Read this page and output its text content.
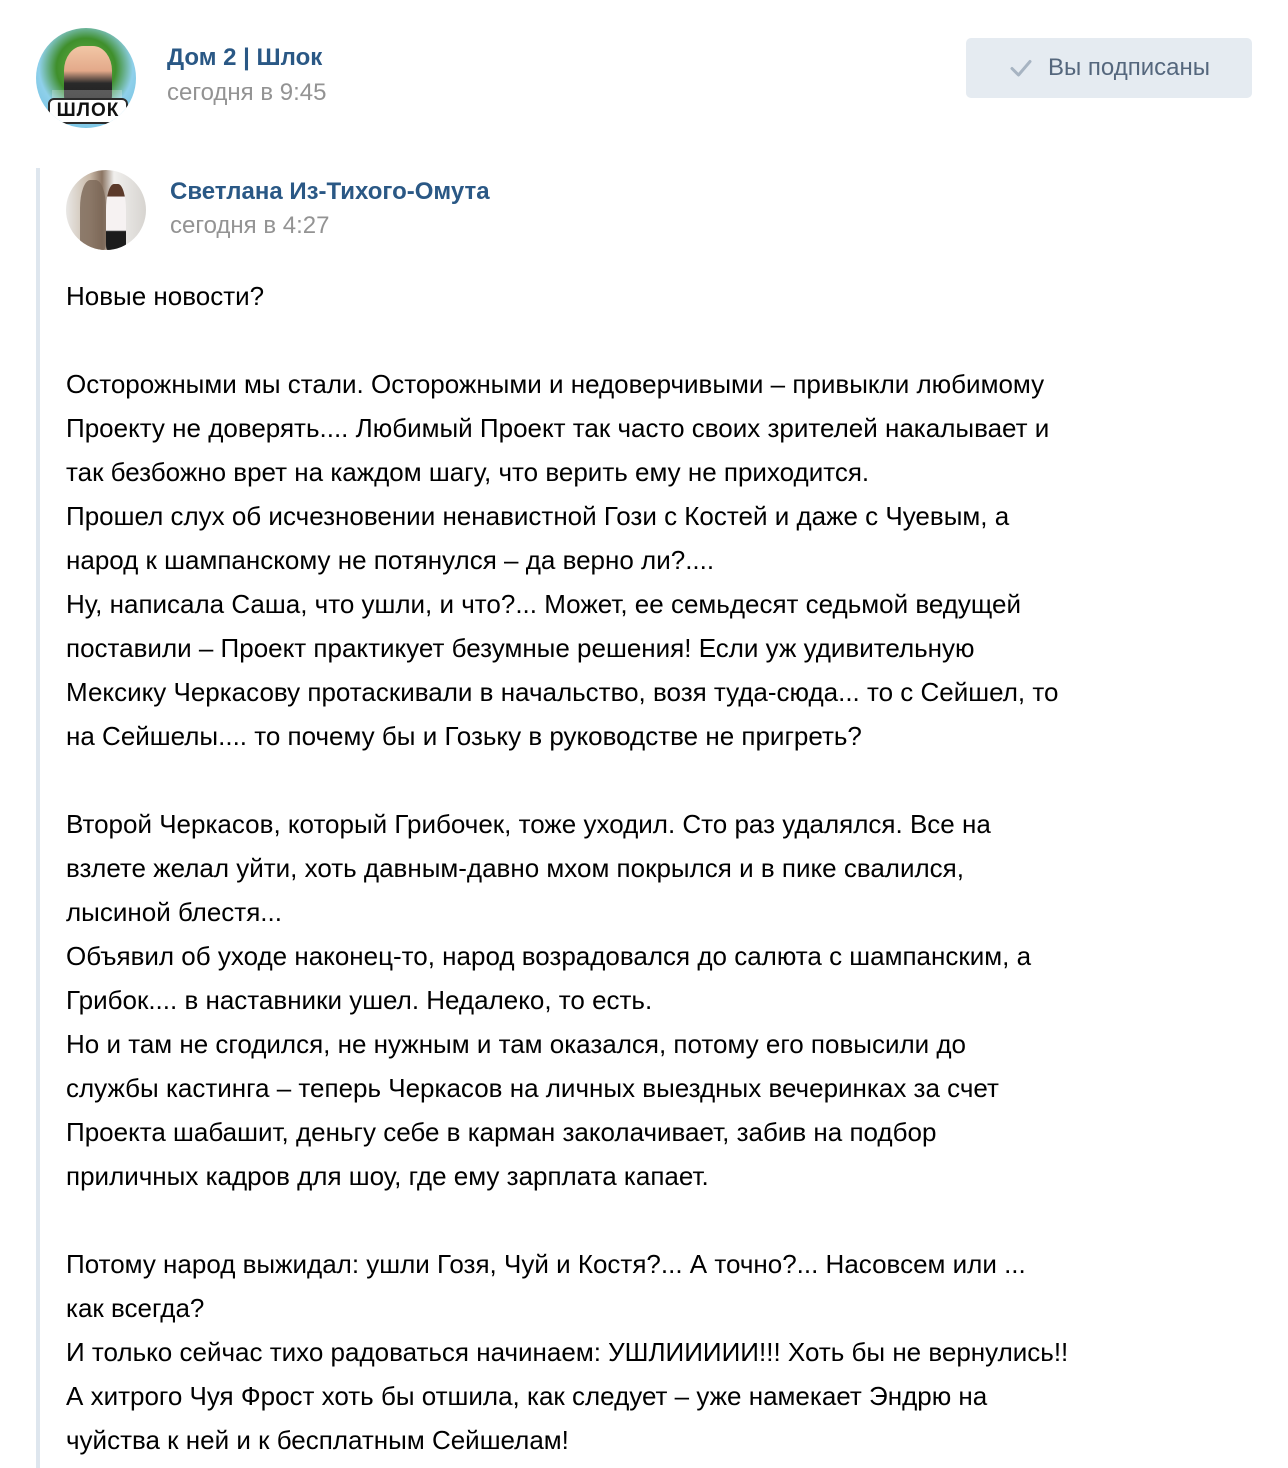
ШЛОК
Дом 2 | Шлок
сегодня в 9:45
Вы подписаны
Светлана Из-Тихого-Омута
сегодня в 4:27

Новые новости?

Осторожными мы стали. Осторожными и недоверчивыми – привыкли любимому
Проекту не доверять.... Любимый Проект так часто своих зрителей накалывает и
так безбожно врет на каждом шагу, что верить ему не приходится.
Прошел слух об исчезновении ненавистной Гози с Костей и даже с Чуевым, а
народ к шампанскому не потянулся – да верно ли?....
Ну, написала Саша, что ушли, и что?... Может, ее семьдесят седьмой ведущей
поставили – Проект практикует безумные решения! Если уж удивительную
Мексику Черкасову протаскивали в начальство, возя туда-сюда... то с Сейшел, то
на Сейшелы.... то почему бы и Гозьку в руководстве не пригреть?

Второй Черкасов, который Грибочек, тоже уходил. Сто раз удалялся. Все на
взлете желал уйти, хоть давным-давно мхом покрылся и в пике свалился,
лысиной блестя...
Объявил об уходе наконец-то, народ возрадовался до салюта с шампанским, а
Грибок.... в наставники ушел. Недалеко, то есть.
Но и там не сгодился, не нужным и там оказался, потому его повысили до
службы кастинга – теперь Черкасов на личных выездных вечеринках за счет
Проекта шабашит, деньгу себе в карман заколачивает, забив на подбор
приличных кадров для шоу, где ему зарплата капает.

Потому народ выжидал: ушли Гозя, Чуй и Костя?... А точно?... Насовсем или ...
как всегда?
И только сейчас тихо радоваться начинаем: УШЛИИИИИ!!! Хоть бы не вернулись!!
А хитрого Чуя Фрост хоть бы отшила, как следует – уже намекает Эндрю на
чуйства к ней и к бесплатным Сейшелам!
